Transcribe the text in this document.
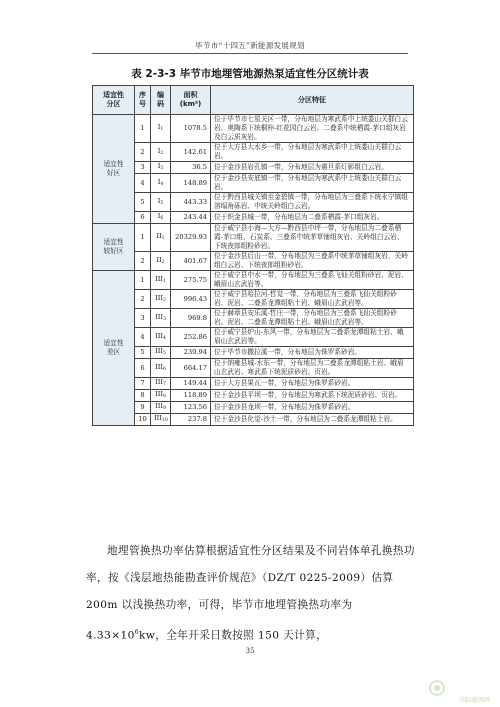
毕节市“十四五”新能源发展规划
表 2-3-3 毕节市地埋管地源热泵适宜性分区统计表
适宜性
分区	序
号	编
码	面积
(km²)	分区特征
适宜性
好区	1	$I_1$	1078.5	位于毕节市七星关区一带，分布地层为寒武系中上统娄山关群白云岩、奥陶系下统桐梓-红花园白云岩、二叠系中统栖霞-茅口组灰岩及白云质灰岩。
	2	$I_2$	142.61	位于大方县大水乡一带，分布地层为寒武系中上统娄山关群白云岩。
	3	$I_3$	36.5	位于金沙县岩孔镇一带，分布地层为震旦系灯影组白云岩。
	4	$I_4$	148.89	位于金沙县安底镇一带，分布地层为寒武系中上统娄山关群白云岩。
	5	$I_5$	443.33	位于黔西县城关镇至金碧镇一带，分布地层为三叠系下统永宁镇组溶塌角砾岩、中统关岭组白云岩。
	6	$I_6$	243.44	位于织金县城一带，分布地层为二叠系栖霞-茅口组灰岩。
适宜性
较好区	1	$II_1$	20329.93	位于威宁县小海—大方—黔西县中坪一带，分布地层为二叠系栖霞-茅口组、石炭系、三叠系中统茅草铺组灰岩、关岭组白云岩、下统夜郎组粉砂岩。
	2	$II_2$	401.67	位于金沙县后山一带，分布地层为三叠系中统茅草铺组灰岩、关岭组白云岩、下统夜郎组粉砂岩。
适宜性
差区	1	$III_1$	275.75	位于威宁县中水一带，分布地层为三叠系飞仙关组粉砂岩、泥岩、峨眉山玄武岩等。
	2	$III_2$	996.43	位于威宁县哈拉河-哲觉一带，分布地层为三叠系飞仙关组粉砂岩、泥岩、二叠系龙潭组粘土岩、峨眉山玄武岩等。
	3	$III_3$	969.8	位于赫章县安乐溪-哲庄一带，分布地层为三叠系飞仙关组粉砂岩、泥岩、二叠系龙潭组粘土岩、峨眉山玄武岩等。
	4	$III_4$	252.86	位于威宁县炉山-东风一带，分布地层为二叠系龙潭组粘土岩、峨眉山玄武岩等。
	5	$III_5$	239.94	位于毕节市撒拉溪一带，分布地层为侏罗系砂岩。
	6	$III_6$	664.17	位于纳雍县城-水东一带，分布地层为二叠系龙潭组粘土岩、峨眉山玄武岩、寒武系下统泥质砂岩、页岩。
	7	$III_7$	149.44	位于大方县果瓦一带，分布地层为侏罗系砂岩。
	8	$III_8$	118.89	位于金沙县平坝一带，分布地层为寒武系下统泥质砂岩、页岩。
	9	$III_9$	123.56	位于金沙县龙坝一带，分布地层为侏罗系砂岩。
	10	$III_{10}$	237.8	位于金沙县化觉-沙土一带，分布地层为二叠系龙潭组粘土岩。

地埋管换热功率估算根据适宜性分区结果及不同岩体单孔换热功率，按《浅层地热能勘查评价规范》（DZ/T 0225-2009）估算 200m 以浅换热功率，可得，毕节市地埋管换热功率为 $4.33\times 10^6kw$，全年开采日数按照 150 天计算，

35
国际能源网
